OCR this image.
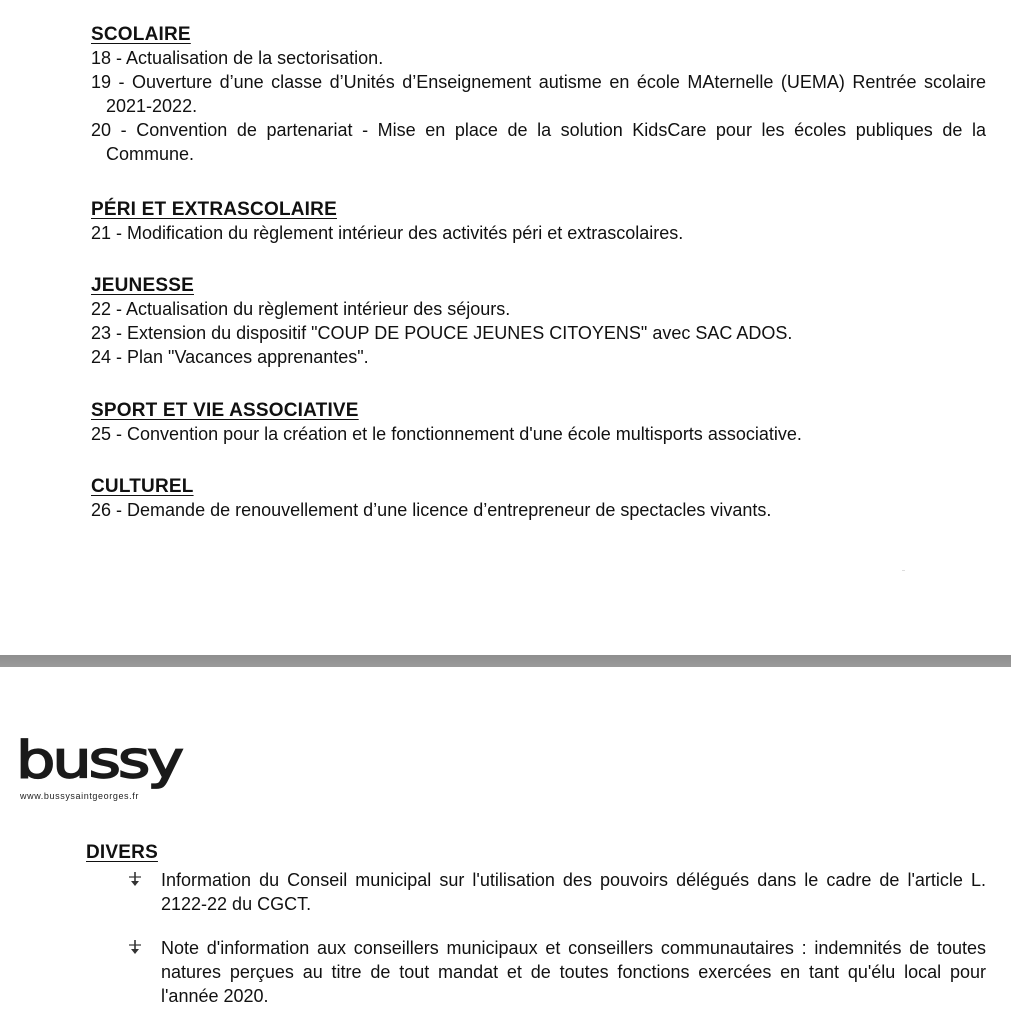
SCOLAIRE
18 - Actualisation de la sectorisation.
19 - Ouverture d’une classe d’Unités d’Enseignement autisme en école MAternelle (UEMA) Rentrée scolaire 2021-2022.
20 - Convention de partenariat - Mise en place de la solution KidsCare pour les écoles publiques de la Commune.
PÉRI ET EXTRASCOLAIRE
21 - Modification du règlement intérieur des activités péri et extrascolaires.
JEUNESSE
22 - Actualisation du règlement intérieur des séjours.
23 - Extension du dispositif "COUP DE POUCE JEUNES CITOYENS" avec SAC ADOS.
24 - Plan "Vacances apprenantes".
SPORT ET VIE ASSOCIATIVE
25 - Convention pour la création et le fonctionnement d'une école multisports associative.
CULTUREL
26 - Demande de renouvellement d’une licence d’entrepreneur de spectacles vivants.
bussy
www.bussysaintgeorges.fr
DIVERS
Information du Conseil municipal sur l'utilisation des pouvoirs délégués dans le cadre de l'article L. 2122-22 du CGCT.
Note d'information aux conseillers municipaux et conseillers communautaires : indemnités de toutes natures perçues au titre de tout mandat et de toutes fonctions exercées en tant qu'élu local pour l'année 2020.
